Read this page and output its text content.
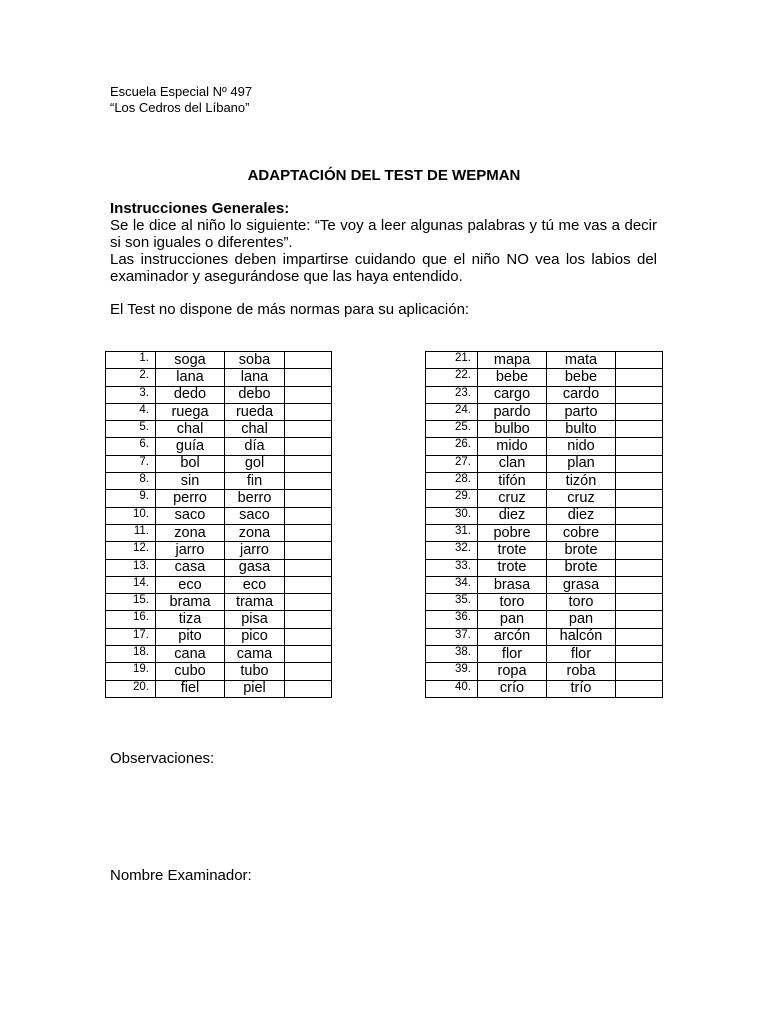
Escuela Especial Nº 497
“Los Cedros del Líbano”
ADAPTACIÓN DEL TEST DE WEPMAN
Instrucciones Generales:
Se le dice al niño lo siguiente: “Te voy a leer algunas palabras y tú me vas a decir si son iguales o diferentes”.
Las instrucciones deben impartirse cuidando que el niño NO vea los labios del examinador y asegurándose que las haya entendido.
El Test no dispone de más normas para su aplicación:
1.	soga	soba	
2.	lana	lana	
3.	dedo	debo	
4.	ruega	rueda	
5.	chal	chal	
6.	guía	día	
7.	bol	gol	
8.	sin	fin	
9.	perro	berro	
10.	saco	saco	
11.	zona	zona	
12.	jarro	jarro	
13.	casa	gasa	
14.	eco	eco	
15.	brama	trama	
16.	tiza	pisa	
17.	pito	pico	
18.	cana	cama	
19.	cubo	tubo	
20.	fiel	piel	
21.	mapa	mata	
22.	bebe	bebe	
23.	cargo	cardo	
24.	pardo	parto	
25.	bulbo	bulto	
26.	mido	nido	
27.	clan	plan	
28.	tifón	tizón	
29.	cruz	cruz	
30.	diez	diez	
31.	pobre	cobre	
32.	trote	brote	
33.	trote	brote	
34.	brasa	grasa	
35.	toro	toro	
36.	pan	pan	
37.	arcón	halcón	
38.	flor	flor	
39.	ropa	roba	
40.	crío	trío	
Observaciones:
Nombre Examinador:
